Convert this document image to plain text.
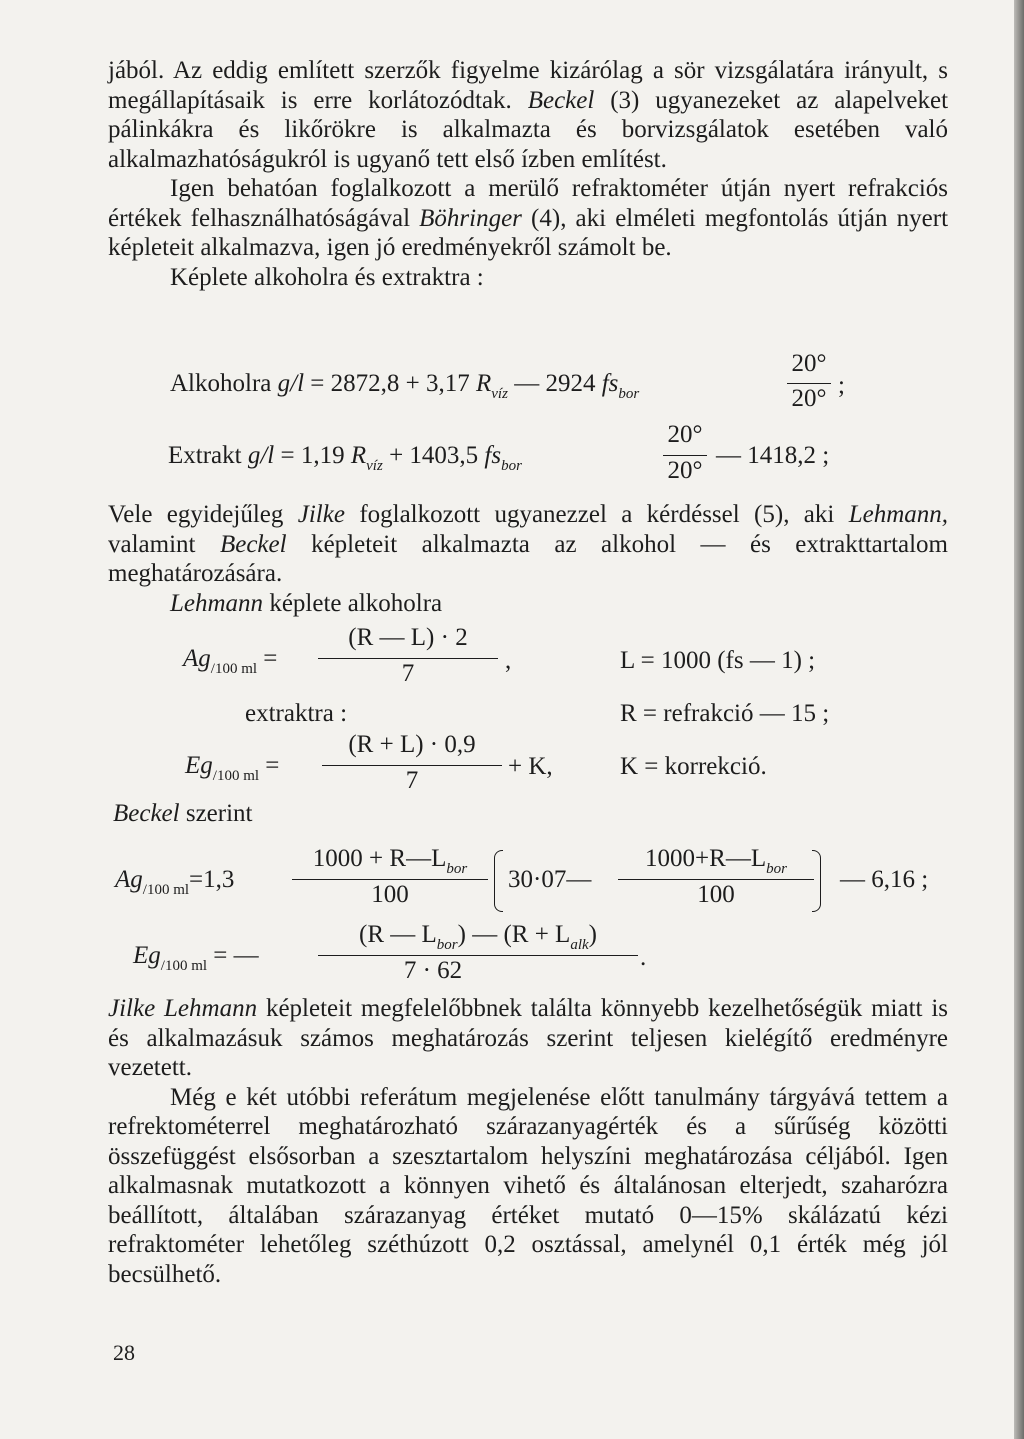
jából. Az eddig említett szerzők figyelme kizárólag a sör vizsgálatára irányult, s megállapításaik is erre korlátozódtak. Beckel (3) ugyanezeket az alapelveket pálinkákra és likőrökre is alkalmazta és borvizsgálatok esetében való alkalmazhatóságukról is ugyanő tett első ízben említést.

Igen behatóan foglalkozott a merülő refraktométer útján nyert refrakciós értékek felhasználhatóságával Böhringer (4), aki elméleti megfontolás útján nyert képleteit alkalmazva, igen jó eredményekről számolt be.

Képlete alkoholra és extraktra :

Alkoholra g/l = 2872,8 + 3,17 $R_{víz}$ — 2924 $fs_{bor}$
20°
20° ;
Extrakt g/l = 1,19 $R_{víz} + 1403,5$ $fs_{bor}$
20°
20°
— 1418,2 ;

Vele egyidejűleg Jilke foglalkozott ugyanezzel a kérdéssel (5), aki Lehmann, valamint Beckel képleteit alkalmazta az alkohol — és extrakttartalom meghatározására.

Lehmann képlete alkoholra

$Ag_{/100 ml}$ =
(R — L) · 2
7	,	L = 1000 (fs — 1) ;
extraktra :	R = refrakció — 15 ;
$Eg_{/100 ml}$ =
(R + L) · 0,9
7
+ K,	K = korrekció.
Beckel szerint
$Ag_{/100 ml}=1,3$
$1000 + R—L_{bor}$
100
30·07—
$1000+R—L_{bor}$
100
— 6,16 ;
$Eg_{/100 ml}$ = —
(R — $L_{bor}$) — $(R + L_{alk})$
7 · 62	.

Jilke Lehmann képleteit megfelelőbbnek találta könnyebb kezelhetőségük miatt is és alkalmazásuk számos meghatározás szerint teljesen kielégítő eredményre vezetett.

Még e két utóbbi referátum megjelenése előtt tanulmány tárgyává tettem a refrektométerrel meghatározható szárazanyagérték és a sűrűség közötti összefüggést elsősorban a szesztartalom helyszíni meghatározása céljából. Igen alkalmasnak mutatkozott a könnyen vihető és általánosan elterjedt, szaharózra beállított, általában szárazanyag értéket mutató 0—15% skálázatú kézi refraktométer lehetőleg széthúzott 0,2 osztással, amelynél 0,1 érték még jól becsülhető.

28
